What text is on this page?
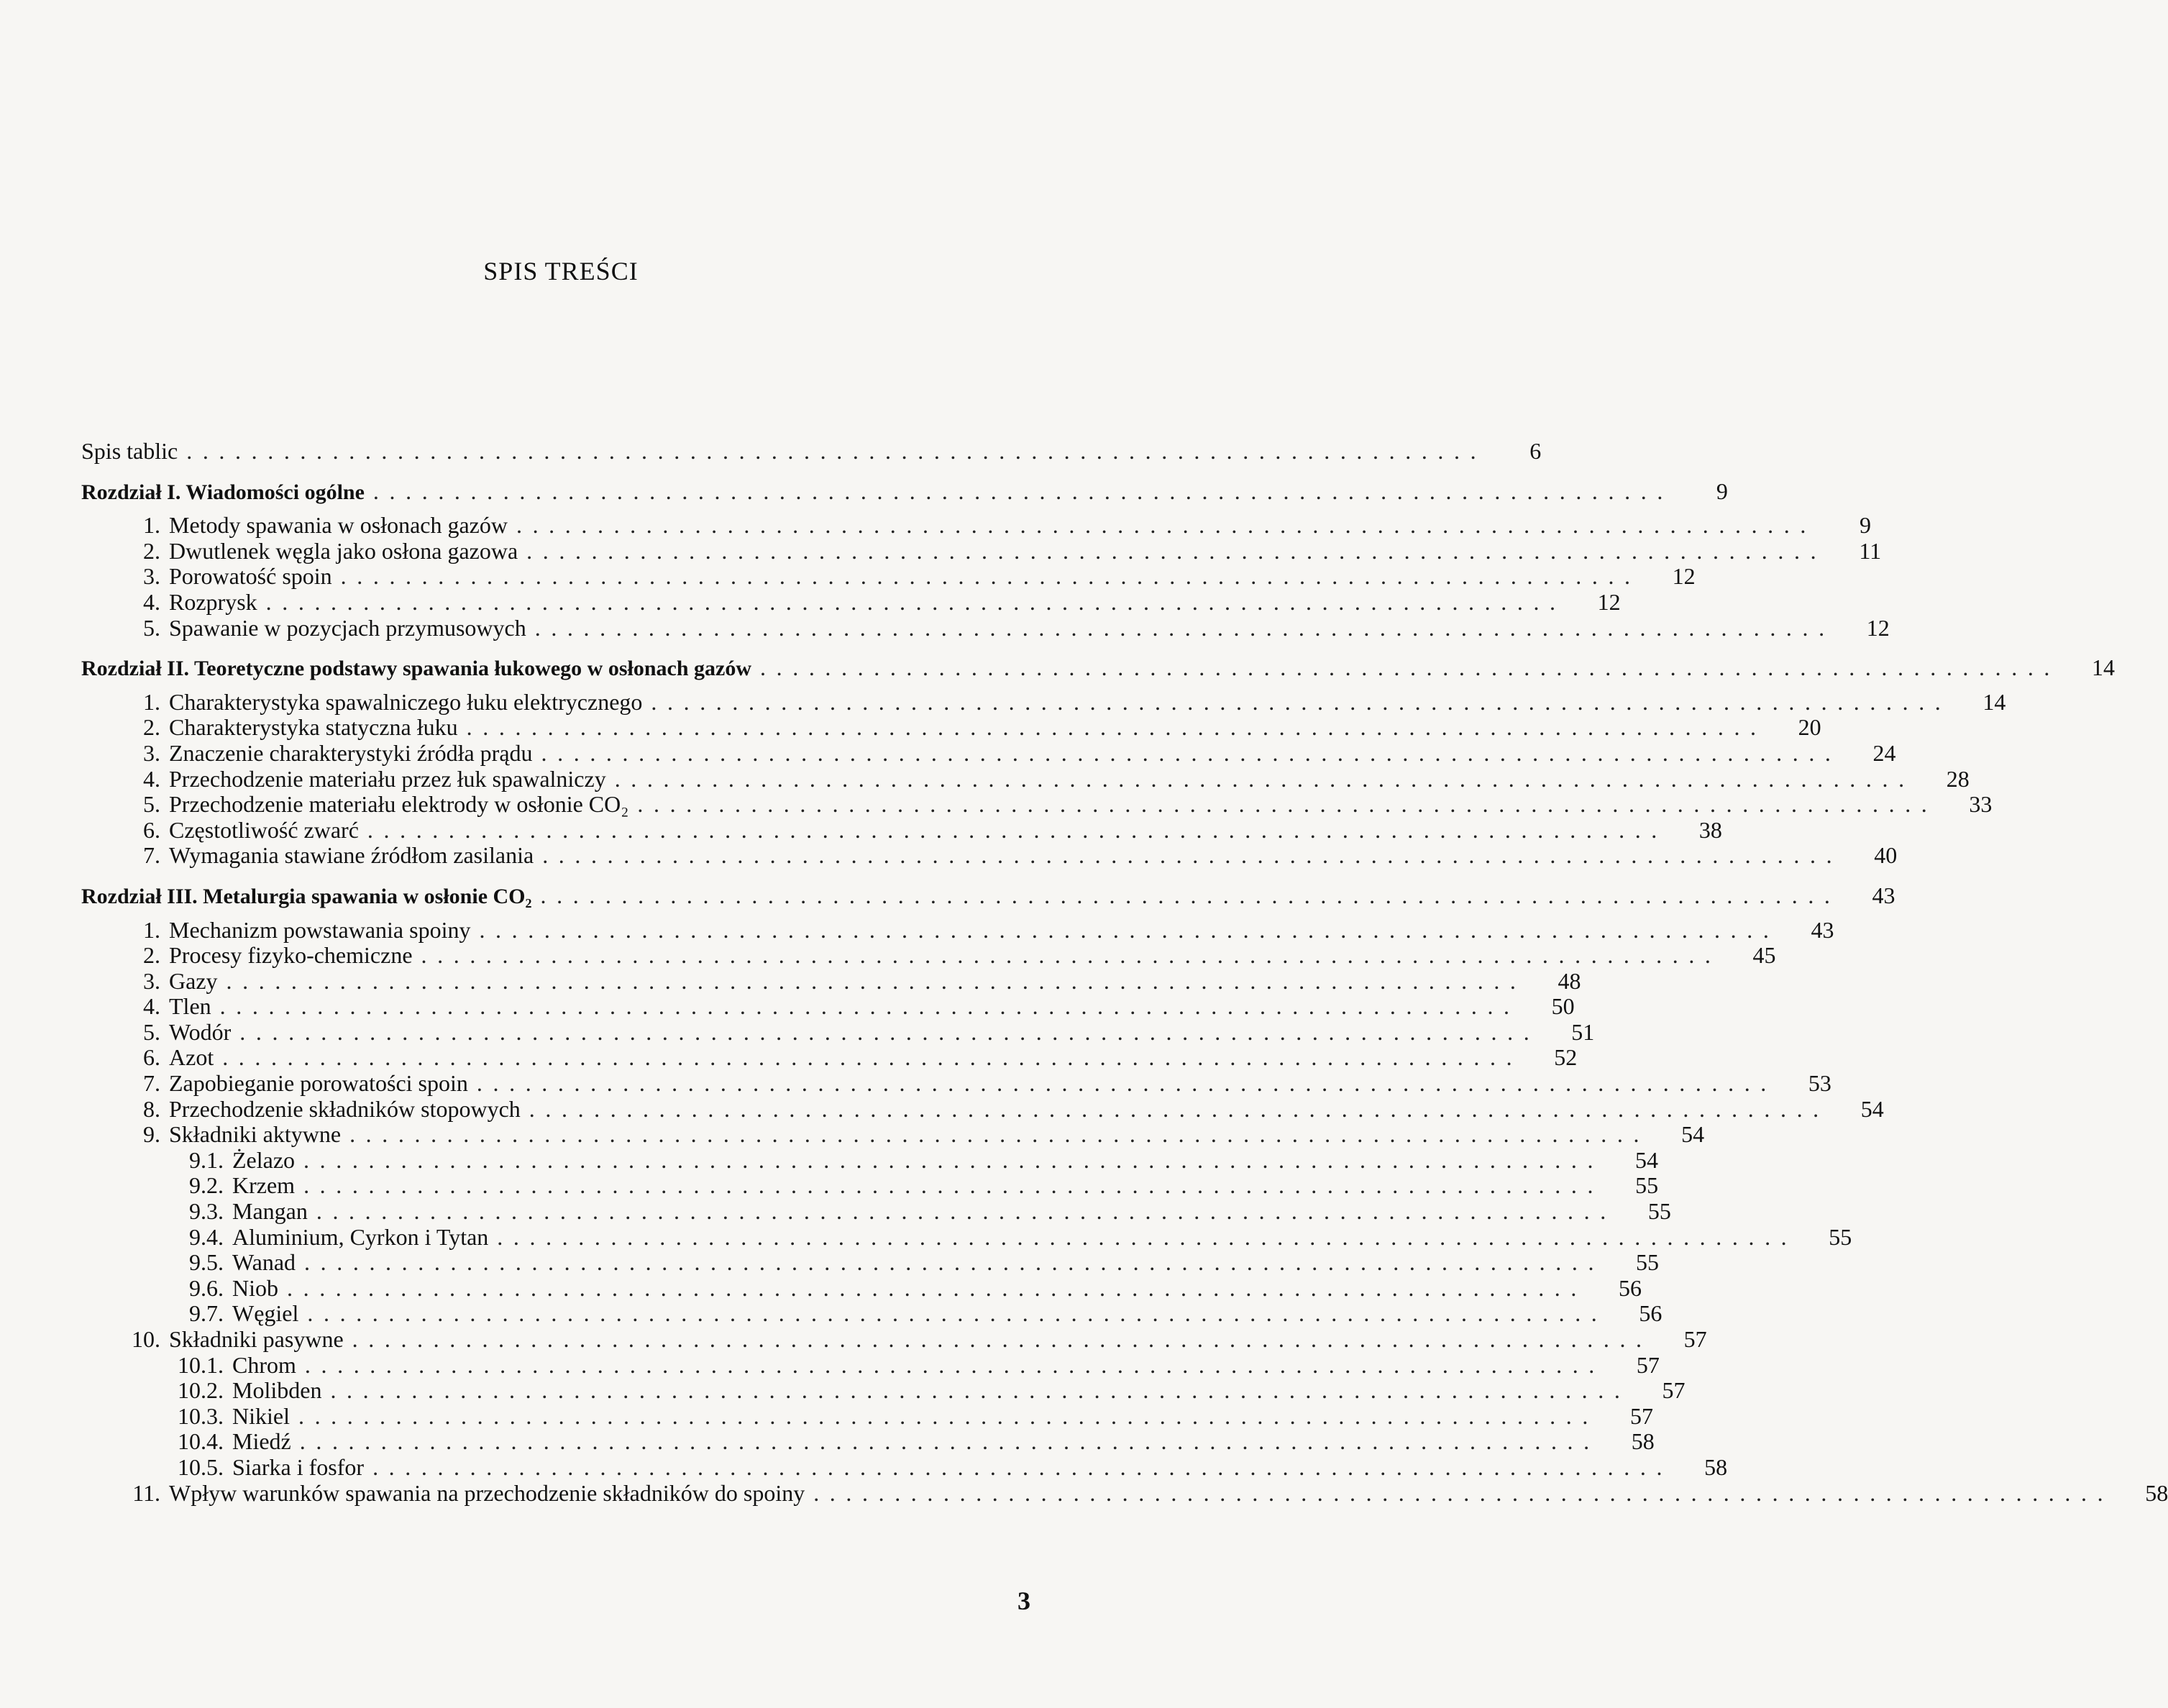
SPIS TREŚCI
Spis tablic ................................................................................	6
Rozdział I. Wiadomości ogólne ................................................................................	9
1. Metody spawania w osłonach gazów ................................................................................	9
2. Dwutlenek węgla jako osłona gazowa ................................................................................	11
3. Porowatość spoin ................................................................................	12
4. Rozprysk ................................................................................	12
5. Spawanie w pozycjach przymusowych ................................................................................	12
Rozdział II. Teoretyczne podstawy spawania łukowego w osłonach gazów ................................................................................	14
1. Charakterystyka spawalniczego łuku elektrycznego ................................................................................	14
2. Charakterystyka statyczna łuku ................................................................................	20
3. Znaczenie charakterystyki źródła prądu ................................................................................	24
4. Przechodzenie materiału przez łuk spawalniczy ................................................................................	28
5. Przechodzenie materiału elektrody w osłonie CO₂ ................................................................................	33
6. Częstotliwość zwarć ................................................................................	38
7. Wymagania stawiane źródłom zasilania ................................................................................	40
Rozdział III. Metalurgia spawania w osłonie CO₂ ................................................................................	43
1. Mechanizm powstawania spoiny ................................................................................	43
2. Procesy fizyko-chemiczne ................................................................................	45
3. Gazy ................................................................................	48
4. Tlen ................................................................................	50
5. Wodór ................................................................................	51
6. Azot ................................................................................	52
7. Zapobieganie porowatości spoin ................................................................................	53
8. Przechodzenie składników stopowych ................................................................................	54
9. Składniki aktywne ................................................................................	54
9.1. Żelazo ................................................................................	54
9.2. Krzem ................................................................................	55
9.3. Mangan ................................................................................	55
9.4. Aluminium, Cyrkon i Tytan ................................................................................	55
9.5. Wanad ................................................................................	55
9.6. Niob ................................................................................	56
9.7. Węgiel ................................................................................	56
10. Składniki pasywne ................................................................................	57
10.1. Chrom ................................................................................	57
10.2. Molibden ................................................................................	57
10.3. Nikiel ................................................................................	57
10.4. Miedź ................................................................................	58
10.5. Siarka i fosfor ................................................................................	58
11. Wpływ warunków spawania na przechodzenie składników do spoiny ................................................................................	58
3
